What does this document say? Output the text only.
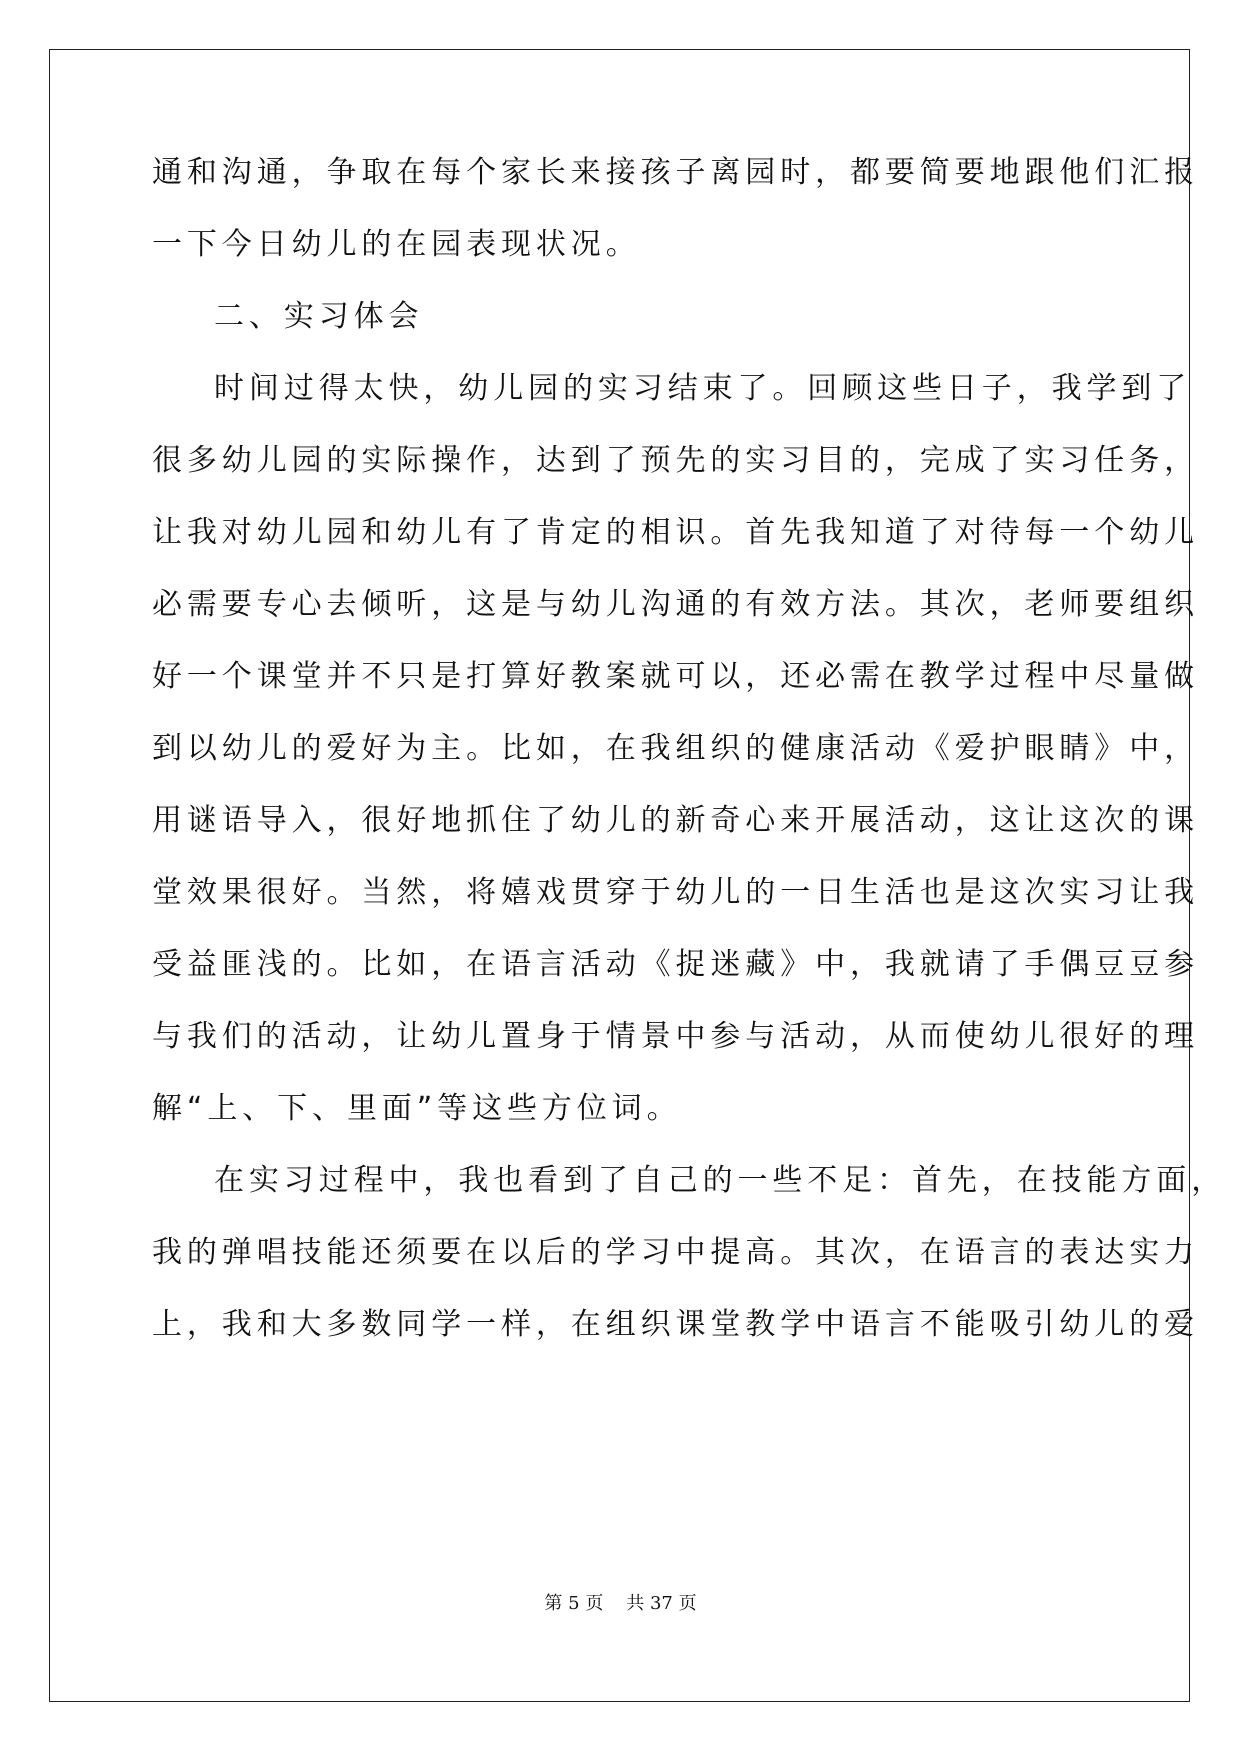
通和沟通，争取在每个家长来接孩子离园时，都要简要地跟他们汇报
一下今日幼儿的在园表现状况。
二、实习体会
时间过得太快，幼儿园的实习结束了。回顾这些日子，我学到了
很多幼儿园的实际操作，达到了预先的实习目的，完成了实习任务，
让我对幼儿园和幼儿有了肯定的相识。首先我知道了对待每一个幼儿
必需要专心去倾听，这是与幼儿沟通的有效方法。其次，老师要组织
好一个课堂并不只是打算好教案就可以，还必需在教学过程中尽量做
到以幼儿的爱好为主。比如，在我组织的健康活动《爱护眼睛》中，
用谜语导入，很好地抓住了幼儿的新奇心来开展活动，这让这次的课
堂效果很好。当然，将嬉戏贯穿于幼儿的一日生活也是这次实习让我
受益匪浅的。比如，在语言活动《捉迷藏》中，我就请了手偶豆豆参
与我们的活动，让幼儿置身于情景中参与活动，从而使幼儿很好的理
解“上、下、里面”等这些方位词。
在实习过程中，我也看到了自己的一些不足：首先，在技能方面，
我的弹唱技能还须要在以后的学习中提高。其次，在语言的表达实力
上，我和大多数同学一样，在组织课堂教学中语言不能吸引幼儿的爱
第 5 页 共 37 页
